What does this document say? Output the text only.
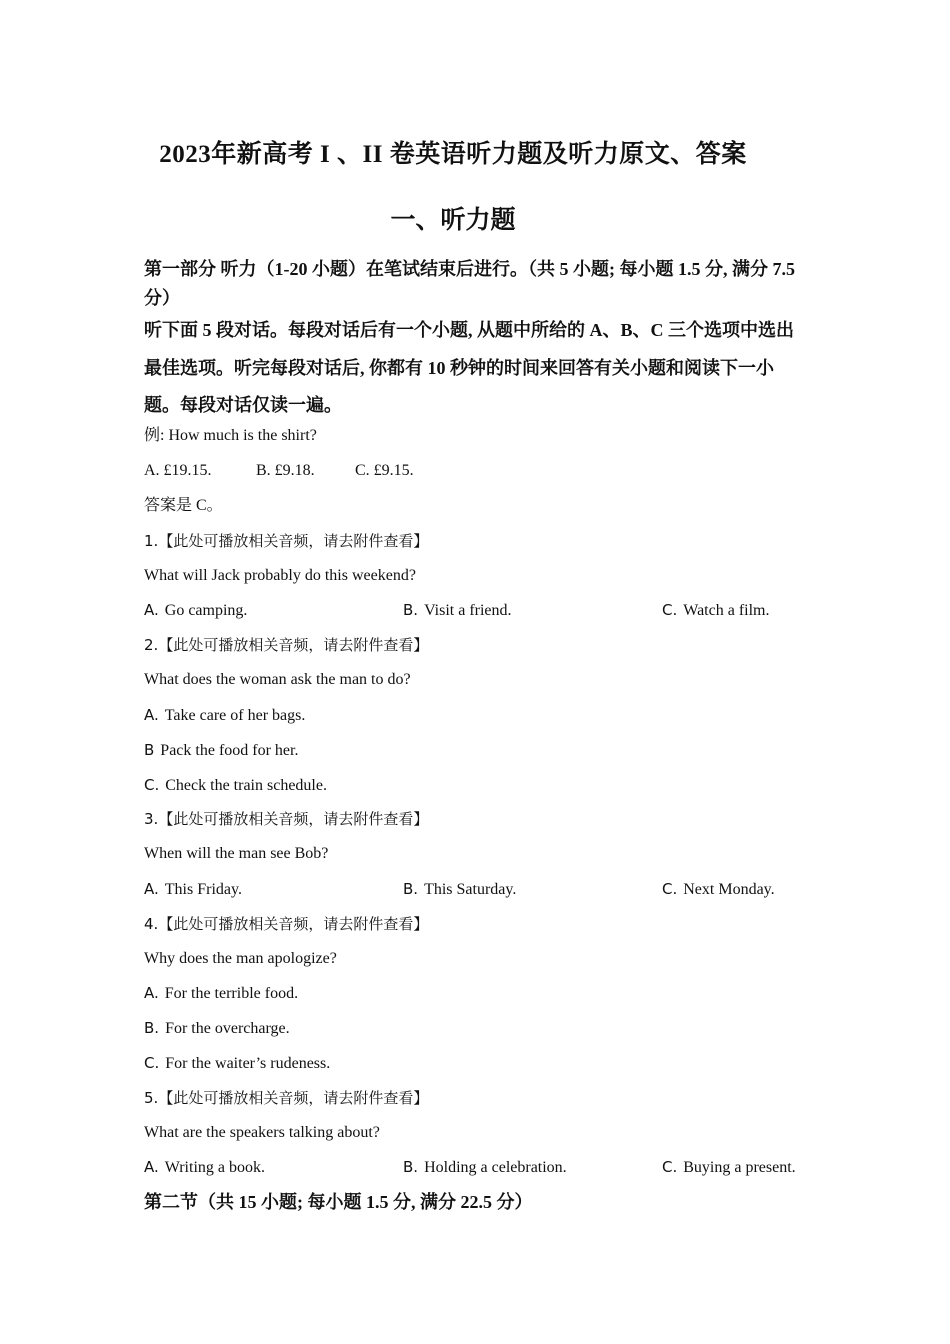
2023年新高考 I 、II 卷英语听力题及听力原文、答案
一、听力题
第一部分 听力（1-20 小题）在笔试结束后进行。（共 5 小题; 每小题 1.5 分, 满分 7.5 分）
听下面 5 段对话。每段对话后有一个小题, 从题中所给的 A、B、C 三个选项中选出最佳选项。听完每段对话后, 你都有 10 秒钟的时间来回答有关小题和阅读下一小题。每段对话仅读一遍。
例: How much is the shirt?
A. £19.15.	B. £9.18.	C. £9.15.
答案是 C。
1.【此处可播放相关音频，请去附件查看】
What will Jack probably do this weekend?
A. Go camping.	B. Visit a friend.	C. Watch a film.
2.【此处可播放相关音频，请去附件查看】
What does the woman ask the man to do?
A. Take care of her bags.
B Pack the food for her.
C. Check the train schedule.
3.【此处可播放相关音频，请去附件查看】
When will the man see Bob?
A. This Friday.	B. This Saturday.	C. Next Monday.
4.【此处可播放相关音频，请去附件查看】
Why does the man apologize?
A. For the terrible food.
B. For the overcharge.
C. For the waiter’s rudeness.
5.【此处可播放相关音频，请去附件查看】
What are the speakers talking about?
A. Writing a book.	B. Holding a celebration.	C. Buying a present.
第二节（共 15 小题; 每小题 1.5 分, 满分 22.5 分）
